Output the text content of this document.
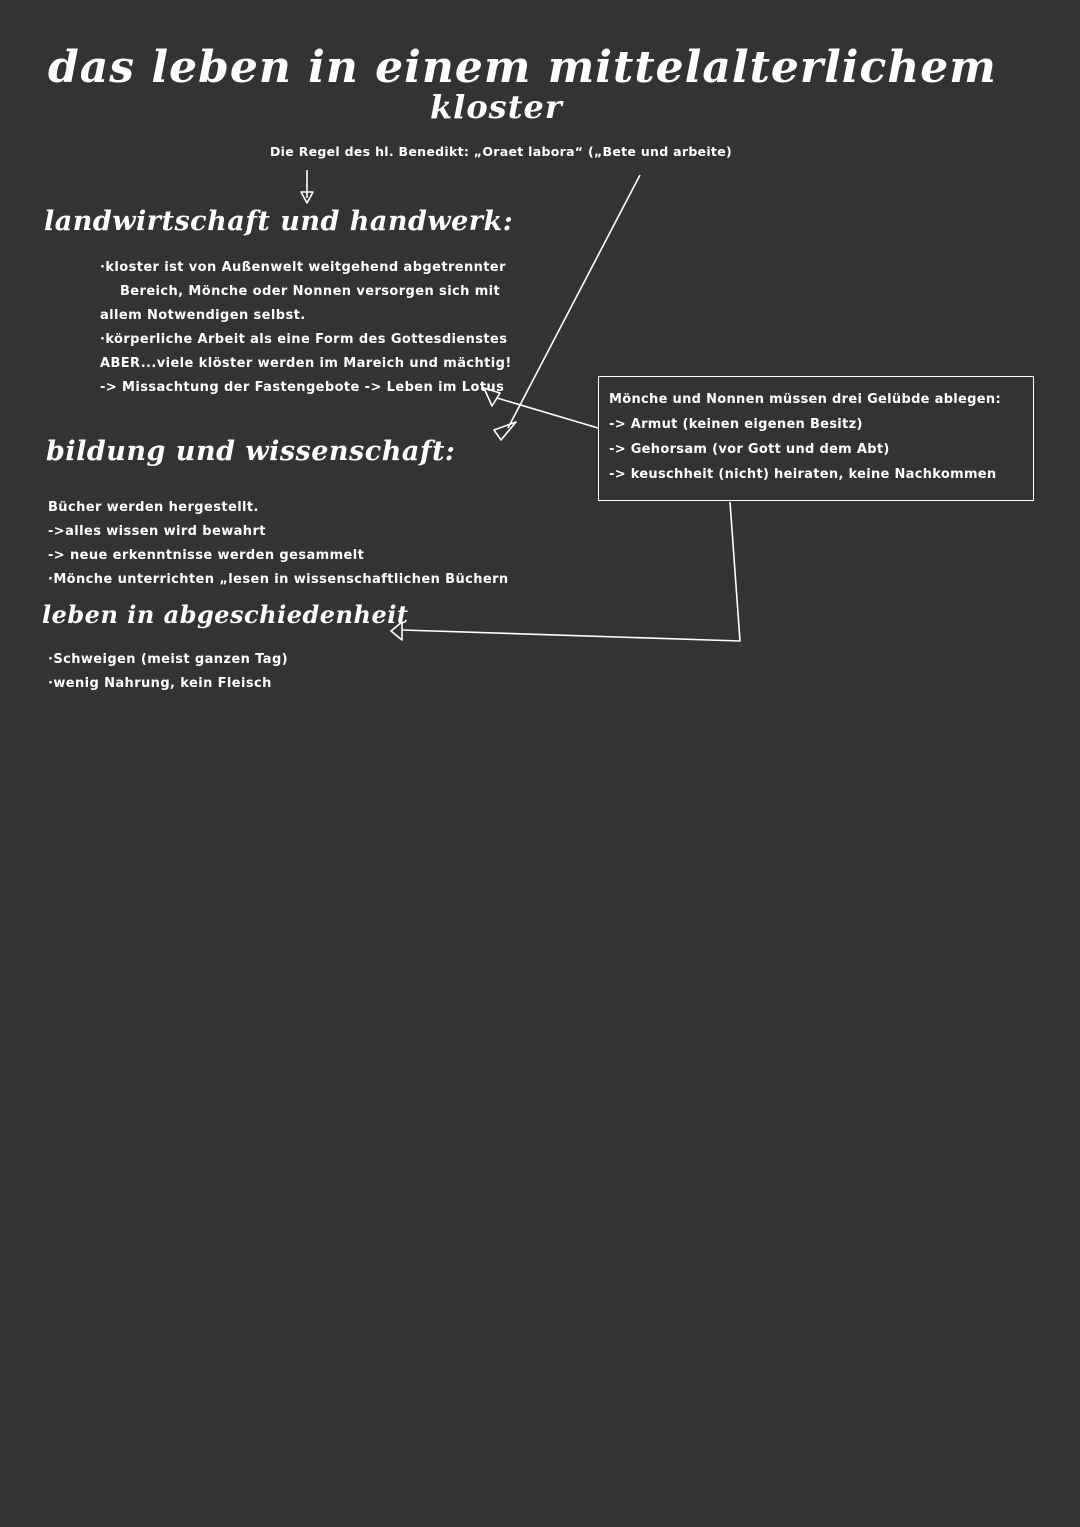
das leben in einem mittelalterlichem
kloster
Die Regel des hl. Benedikt: „Oraet labora“ („Bete und arbeite)
landwirtschaft und handwerk:
·kloster ist von Außenwelt weitgehend abgetrennter
Bereich, Mönche oder Nonnen versorgen sich mit
allem Notwendigen selbst.
·körperliche Arbeit als eine Form des Gottesdienstes
ABER...viele klöster werden im Mareich und mächtig!
-> Missachtung der Fastengebote -> Leben im Lotus
bildung und wissenschaft:
Bücher werden hergestellt.
->alles wissen wird bewahrt
-> neue erkenntnisse werden gesammelt
·Mönche unterrichten „lesen in wissenschaftlichen Büchern
leben in abgeschiedenheit
·Schweigen (meist ganzen Tag)
·wenig Nahrung, kein Fleisch
Mönche und Nonnen müssen drei Gelübde ablegen:
-> Armut (keinen eigenen Besitz)
-> Gehorsam (vor Gott und dem Abt)
-> keuschheit (nicht) heiraten, keine Nachkommen
